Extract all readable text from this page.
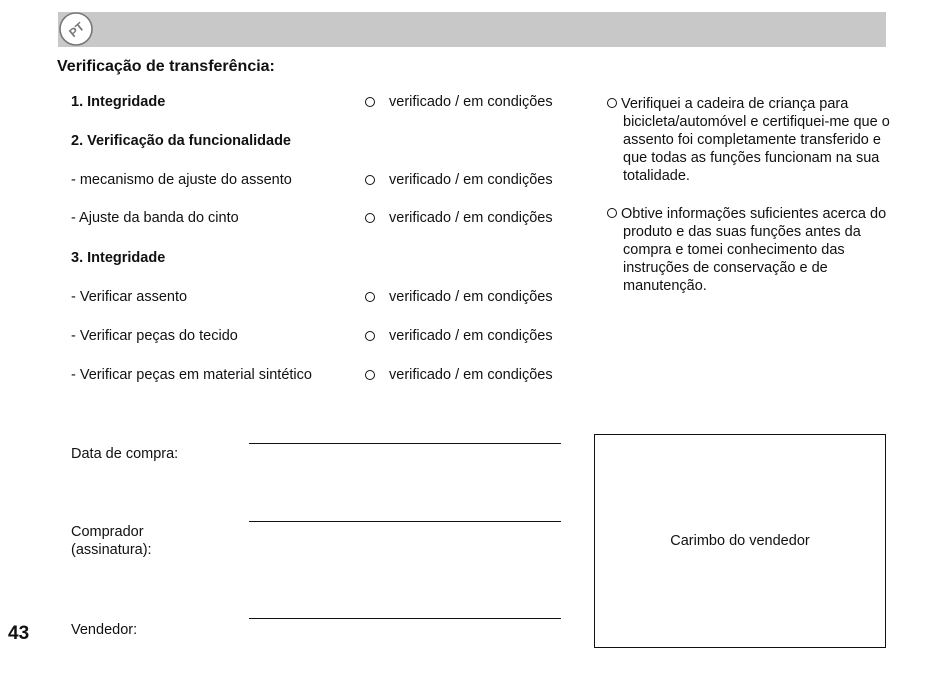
PT
Verificação de transferência:
1. Integridade	verificado / em condições
2. Verificação da funcionalidade
- mecanismo de ajuste do assento	verificado / em condições
- Ajuste da banda do cinto	verificado / em condições
3. Integridade
- Verificar assento	verificado / em condições
- Verificar peças do tecido	verificado / em condições
- Verificar peças em material sintético	verificado / em condições
Verifiquei a cadeira de criança para bicicleta/automóvel e certifiquei-me que o assento foi completamente transferido e que todas as funções funcionam na sua totalidade.
Obtive informações suficientes acerca do produto e das suas funções antes da compra e tomei conhecimento das instruções de conservação e de manutenção.
Data de compra:
Comprador
(assinatura):
Vendedor:
Carimbo do vendedor
43
